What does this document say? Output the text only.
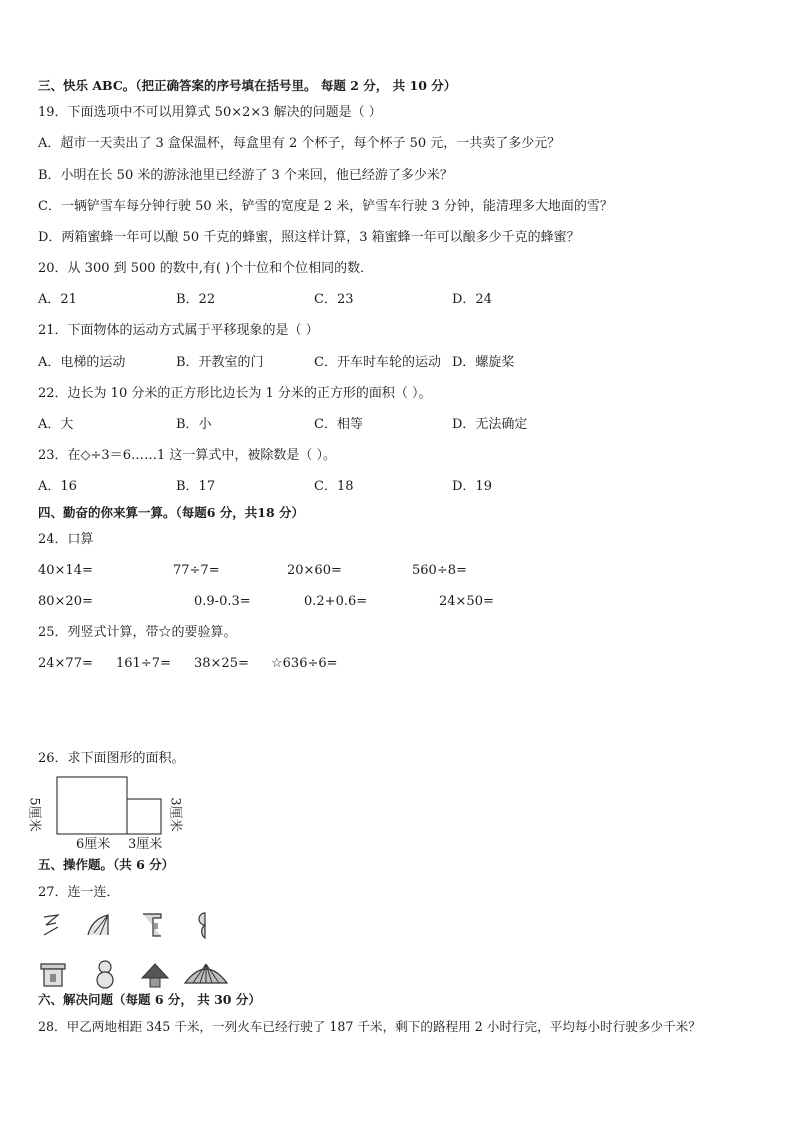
三、快乐 ABC。（把正确答案的序号填在括号里。 每题 2 分， 共 10 分）
19．下面选项中不可以用算式 50×2×3 解决的问题是（ ）
A．超市一天卖出了 3 盒保温杯，每盒里有 2 个杯子，每个杯子 50 元，一共卖了多少元？
B．小明在长 50 米的游泳池里已经游了 3 个来回，他已经游了多少米？
C．一辆铲雪车每分钟行驶 50 米，铲雪的宽度是 2 米，铲雪车行驶 3 分钟，能清理多大地面的雪？
D．两箱蜜蜂一年可以酿 50 千克的蜂蜜，照这样计算，3 箱蜜蜂一年可以酿多少千克的蜂蜜？
20．从 300 到 500 的数中,有( )个十位和个位相同的数．
A．21	B．22	C．23	D．24
21．下面物体的运动方式属于平移现象的是（ ）
A．电梯的运动	B．开教室的门	C．开车时车轮的运动 D．螺旋桨
22．边长为 10 分米的正方形比边长为 1 分米的正方形的面积（ ）。
A．大	B．小	C．相等	D．无法确定
23．在◇÷3＝6……1 这一算式中，被除数是（ ）。
A．16	B．17	C．18	D．19
四、勤奋的你来算一算。（每题6 分，共18 分）
24．口算
40×14=	77÷7=	20×60=	560÷8=
80×20=	0.9-0.3=	0.2+0.6=	24×50=
25．列竖式计算，带☆的要验算。
24×77= 161÷7= 38×25= ☆636÷6=
26．求下面图形的面积。
5厘米	3厘米
6厘米 3厘米
五、操作题。（共 6 分）
27．连一连．
六、解决问题（每题 6 分， 共 30 分）
28．甲乙两地相距 345 千米，一列火车已经行驶了 187 千米，剩下的路程用 2 小时行完，平均每小时行驶多少千米？
